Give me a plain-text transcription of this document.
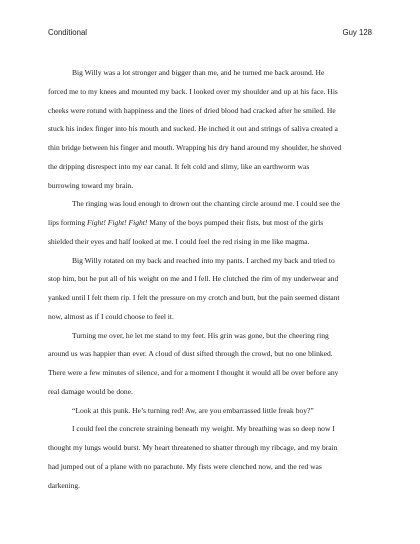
Conditional	Guy 128

Big Willy was a lot stronger and bigger than me, and he turned me back around. He
forced me to my knees and mounted my back. I looked over my shoulder and up at his face. His
cheeks were rotund with happiness and the lines of dried blood had cracked after he smiled. He
stuck his index finger into his mouth and sucked. He inched it out and strings of saliva created a
thin bridge between his finger and mouth. Wrapping his dry hand around my shoulder, he shoved
the dripping disrespect into my ear canal. It felt cold and slimy, like an earthworm was
burrowing toward my brain.

The ringing was loud enough to drown out the chanting circle around me. I could see the
lips forming Fight! Fight! Fight! Many of the boys pumped their fists, but most of the girls
shielded their eyes and half looked at me. I could feel the red rising in me like magma.

Big Willy rotated on my back and reached into my pants. I arched my back and tried to
stop him, but he put all of his weight on me and I fell. He clutched the rim of my underwear and
yanked until I felt them rip. I felt the pressure on my crotch and butt, but the pain seemed distant
now, almost as if I could choose to feel it.

Turning me over, he let me stand to my feet. His grin was gone, but the cheering ring
around us was happier than ever. A cloud of dust sifted through the crowd, but no one blinked.
There were a few minutes of silence, and for a moment I thought it would all be over before any
real damage would be done.

“Look at this punk. He’s turning red! Aw, are you embarrassed little freak boy?”

I could feel the concrete straining beneath my weight. My breathing was so deep now I
thought my lungs would burst. My heart threatened to shatter through my ribcage, and my brain
had jumped out of a plane with no parachute. My fists were clenched now, and the red was
darkening.
